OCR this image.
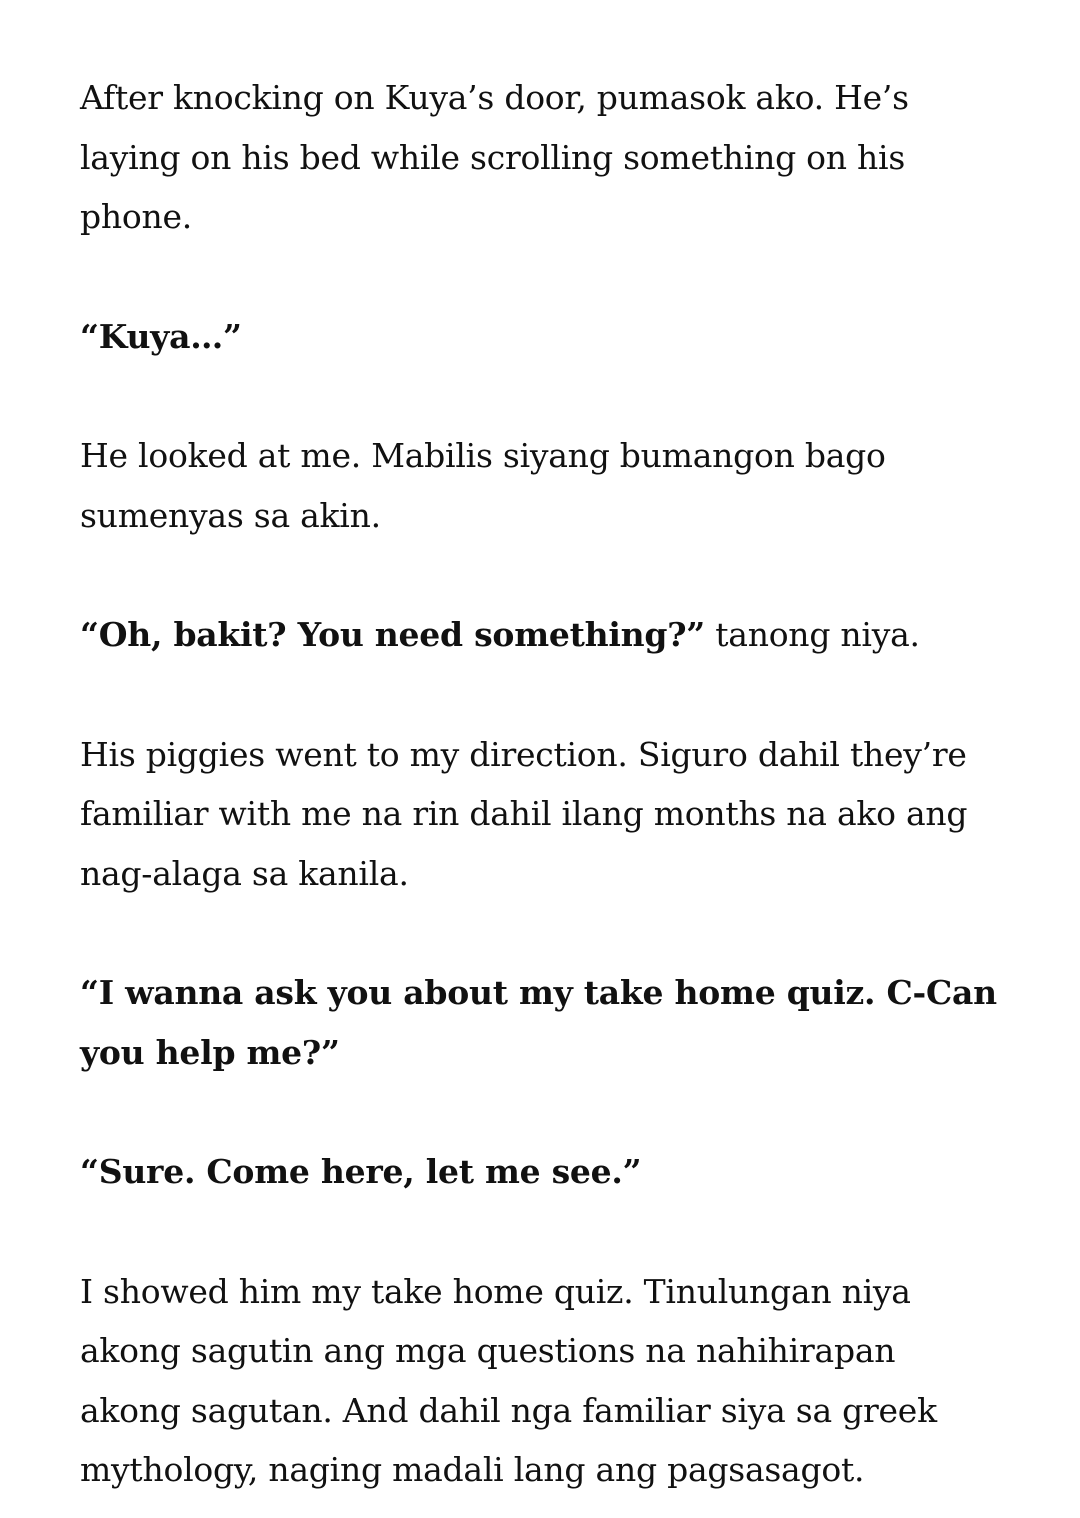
After knocking on Kuya’s door, pumasok ako. He’s laying on his bed while scrolling something on his phone.

“Kuya…”

He looked at me. Mabilis siyang bumangon bago sumenyas sa akin.

“Oh, bakit? You need something?” tanong niya.

His piggies went to my direction. Siguro dahil they’re familiar with me na rin dahil ilang months na ako ang nag-alaga sa kanila.

“I wanna ask you about my take home quiz. C-Can you help me?”

“Sure. Come here, let me see.”

I showed him my take home quiz. Tinulungan niya akong sagutin ang mga questions na nahihirapan akong sagutan. And dahil nga familiar siya sa greek mythology, naging madali lang ang pagsasagot.
